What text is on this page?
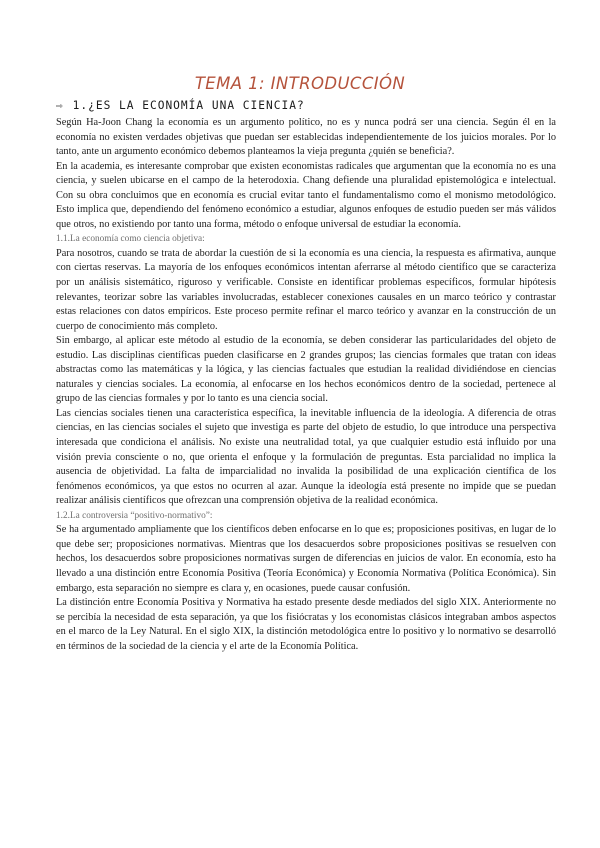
TEMA 1: INTRODUCCIÓN
⇨ 1.¿ES LA ECONOMÍA UNA CIENCIA?

Según Ha-Joon Chang la economía es un argumento político, no es y nunca podrá ser una ciencia. Según él en la economía no existen verdades objetivas que puedan ser establecidas independientemente de los juicios morales. Por lo tanto, ante un argumento económico debemos planteamos la vieja pregunta ¿quién se beneficia?.

En la academia, es interesante comprobar que existen economistas radicales que argumentan que la economía no es una ciencia, y suelen ubicarse en el campo de la heterodoxia. Chang defiende una pluralidad epistemológica e intelectual. Con su obra concluimos que en economía es crucial evitar tanto el fundamentalismo como el monismo metodológico. Esto implica que, dependiendo del fenómeno económico a estudiar, algunos enfoques de estudio pueden ser más válidos que otros, no existiendo por tanto una forma, método o enfoque universal de estudiar la economía.

1.1.La economía como ciencia objetiva:

Para nosotros, cuando se trata de abordar la cuestión de si la economía es una ciencia, la respuesta es afirmativa, aunque con ciertas reservas. La mayoría de los enfoques económicos intentan aferrarse al método científico que se caracteriza por un análisis sistemático, riguroso y verificable. Consiste en identificar problemas específicos, formular hipótesis relevantes, teorizar sobre las variables involucradas, establecer conexiones causales en un marco teórico y contrastar estas relaciones con datos empíricos. Este proceso permite refinar el marco teórico y avanzar en la construcción de un cuerpo de conocimiento más completo.

Sin embargo, al aplicar este método al estudio de la economía, se deben considerar las particularidades del objeto de estudio. Las disciplinas científicas pueden clasificarse en 2 grandes grupos; las ciencias formales que tratan con ideas abstractas como las matemáticas y la lógica, y las ciencias factuales que estudian la realidad dividiéndose en ciencias naturales y ciencias sociales. La economía, al enfocarse en los hechos económicos dentro de la sociedad, pertenece al grupo de las ciencias formales y por lo tanto es una ciencia social.

Las ciencias sociales tienen una característica específica, la inevitable influencia de la ideología. A diferencia de otras ciencias, en las ciencias sociales el sujeto que investiga es parte del objeto de estudio, lo que introduce una perspectiva interesada que condiciona el análisis. No existe una neutralidad total, ya que cualquier estudio está influido por una visión previa consciente o no, que orienta el enfoque y la formulación de preguntas. Esta parcialidad no implica la ausencia de objetividad. La falta de imparcialidad no invalida la posibilidad de una explicación científica de los fenómenos económicos, ya que estos no ocurren al azar. Aunque la ideología está presente no impide que se puedan realizar análisis científicos que ofrezcan una comprensión objetiva de la realidad económica.

1.2.La controversia “positivo-normativo”:

Se ha argumentado ampliamente que los científicos deben enfocarse en lo que es; proposiciones positivas, en lugar de lo que debe ser; proposiciones normativas. Mientras que los desacuerdos sobre proposiciones positivas se resuelven con hechos, los desacuerdos sobre proposiciones normativas surgen de diferencias en juicios de valor. En economía, esto ha llevado a una distinción entre Economía Positiva (Teoría Económica) y Economía Normativa (Política Económica). Sin embargo, esta separación no siempre es clara y, en ocasiones, puede causar confusión.

La distinción entre Economía Positiva y Normativa ha estado presente desde mediados del siglo XIX. Anteriormente no se percibía la necesidad de esta separación, ya que los fisiócratas y los economistas clásicos integraban ambos aspectos en el marco de la Ley Natural. En el siglo XIX, la distinción metodológica entre lo positivo y lo normativo se desarrolló en términos de la sociedad de la ciencia y el arte de la Economía Política.
